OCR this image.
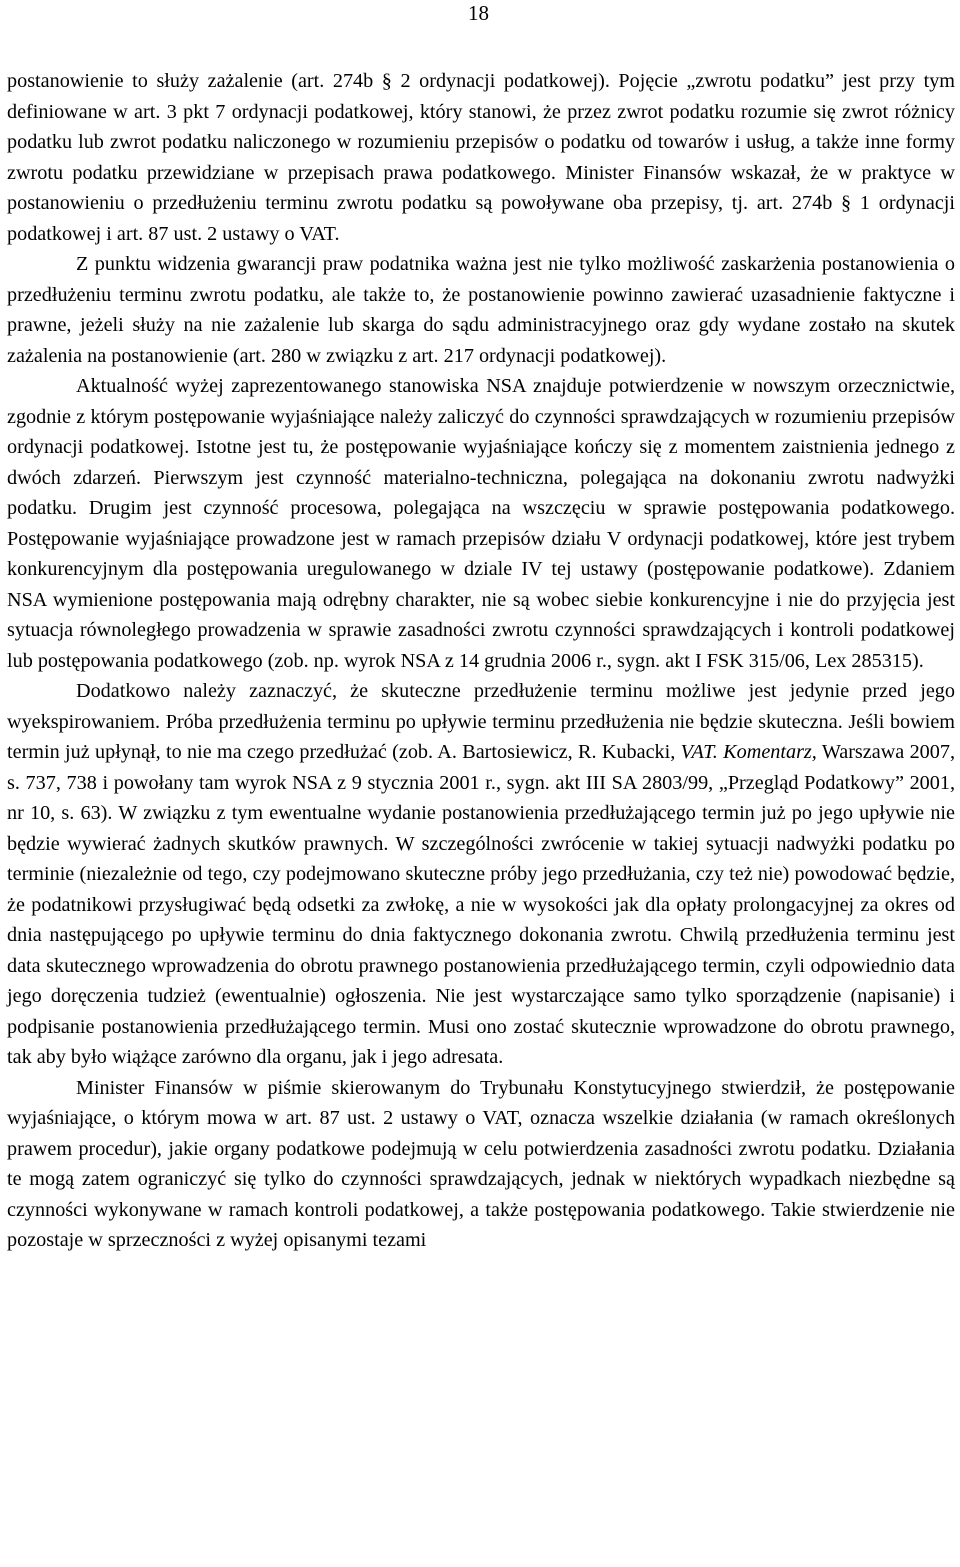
18

postanowienie to służy zażalenie (art. 274b § 2 ordynacji podatkowej). Pojęcie „zwrotu podatku” jest przy tym definiowane w art. 3 pkt 7 ordynacji podatkowej, który stanowi, że przez zwrot podatku rozumie się zwrot różnicy podatku lub zwrot podatku naliczonego w rozumieniu przepisów o podatku od towarów i usług, a także inne formy zwrotu podatku przewidziane w przepisach prawa podatkowego. Minister Finansów wskazał, że w praktyce w postanowieniu o przedłużeniu terminu zwrotu podatku są powoływane oba przepisy, tj. art. 274b § 1 ordynacji podatkowej i art. 87 ust. 2 ustawy o VAT.

Z punktu widzenia gwarancji praw podatnika ważna jest nie tylko możliwość zaskarżenia postanowienia o przedłużeniu terminu zwrotu podatku, ale także to, że postanowienie powinno zawierać uzasadnienie faktyczne i prawne, jeżeli służy na nie zażalenie lub skarga do sądu administracyjnego oraz gdy wydane zostało na skutek zażalenia na postanowienie (art. 280 w związku z art. 217 ordynacji podatkowej).

Aktualność wyżej zaprezentowanego stanowiska NSA znajduje potwierdzenie w nowszym orzecznictwie, zgodnie z którym postępowanie wyjaśniające należy zaliczyć do czynności sprawdzających w rozumieniu przepisów ordynacji podatkowej. Istotne jest tu, że postępowanie wyjaśniające kończy się z momentem zaistnienia jednego z dwóch zdarzeń. Pierwszym jest czynność materialno-techniczna, polegająca na dokonaniu zwrotu nadwyżki podatku. Drugim jest czynność procesowa, polegająca na wszczęciu w sprawie postępowania podatkowego. Postępowanie wyjaśniające prowadzone jest w ramach przepisów działu V ordynacji podatkowej, które jest trybem konkurencyjnym dla postępowania uregulowanego w dziale IV tej ustawy (postępowanie podatkowe). Zdaniem NSA wymienione postępowania mają odrębny charakter, nie są wobec siebie konkurencyjne i nie do przyjęcia jest sytuacja równoległego prowadzenia w sprawie zasadności zwrotu czynności sprawdzających i kontroli podatkowej lub postępowania podatkowego (zob. np. wyrok NSA z 14 grudnia 2006 r., sygn. akt I FSK 315/06, Lex 285315).

Dodatkowo należy zaznaczyć, że skuteczne przedłużenie terminu możliwe jest jedynie przed jego wyekspirowaniem. Próba przedłużenia terminu po upływie terminu przedłużenia nie będzie skuteczna. Jeśli bowiem termin już upłynął, to nie ma czego przedłużać (zob. A. Bartosiewicz, R. Kubacki, VAT. Komentarz, Warszawa 2007, s. 737, 738 i powołany tam wyrok NSA z 9 stycznia 2001 r., sygn. akt III SA 2803/99, „Przegląd Podatkowy” 2001, nr 10, s. 63). W związku z tym ewentualne wydanie postanowienia przedłużającego termin już po jego upływie nie będzie wywierać żadnych skutków prawnych. W szczególności zwrócenie w takiej sytuacji nadwyżki podatku po terminie (niezależnie od tego, czy podejmowano skuteczne próby jego przedłużania, czy też nie) powodować będzie, że podatnikowi przysługiwać będą odsetki za zwłokę, a nie w wysokości jak dla opłaty prolongacyjnej za okres od dnia następującego po upływie terminu do dnia faktycznego dokonania zwrotu. Chwilą przedłużenia terminu jest data skutecznego wprowadzenia do obrotu prawnego postanowienia przedłużającego termin, czyli odpowiednio data jego doręczenia tudzież (ewentualnie) ogłoszenia. Nie jest wystarczające samo tylko sporządzenie (napisanie) i podpisanie postanowienia przedłużającego termin. Musi ono zostać skutecznie wprowadzone do obrotu prawnego, tak aby było wiążące zarówno dla organu, jak i jego adresata.

Minister Finansów w piśmie skierowanym do Trybunału Konstytucyjnego stwierdził, że postępowanie wyjaśniające, o którym mowa w art. 87 ust. 2 ustawy o VAT, oznacza wszelkie działania (w ramach określonych prawem procedur), jakie organy podatkowe podejmują w celu potwierdzenia zasadności zwrotu podatku. Działania te mogą zatem ograniczyć się tylko do czynności sprawdzających, jednak w niektórych wypadkach niezbędne są czynności wykonywane w ramach kontroli podatkowej, a także postępowania podatkowego. Takie stwierdzenie nie pozostaje w sprzeczności z wyżej opisanymi tezami
